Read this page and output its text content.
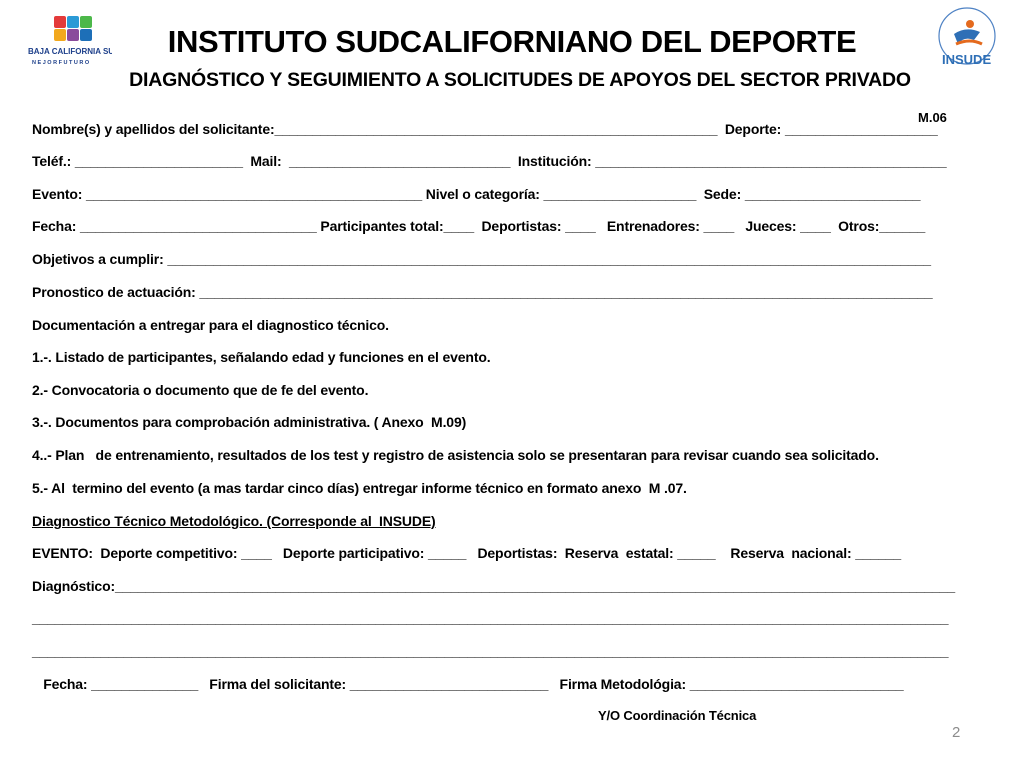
BAJA CALIFORNIA SUR
N E J O R F U T U R O	INSUDE
INSTITUTO SUDCALIFORNIANO DEL DEPORTE
DIAGNÓSTICO Y SEGUIMIENTO A SOLICITUDES DE APOYOS DEL SECTOR PRIVADO
M.06
Nombre(s) y apellidos del solicitante:__________________________________________________________  Deporte: ____________________
Teléf.: ______________________  Mail:  _____________________________  Institución: ______________________________________________
Evento: ____________________________________________ Nivel o categoría: ____________________  Sede: _______________________
Fecha: _______________________________ Participantes total:____  Deportistas: ____   Entrenadores: ____   Jueces: ____  Otros:______
Objetivos a cumplir: ____________________________________________________________________________________________________
Pronostico de actuación: ________________________________________________________________________________________________
Documentación a entregar para el diagnostico técnico.
1.-. Listado de participantes, señalando edad y funciones en el evento.
2.- Convocatoria o documento que de fe del evento.
3.-. Documentos para comprobación administrativa. ( Anexo  M.09)
4..- Plan   de entrenamiento, resultados de los test y registro de asistencia solo se presentaran para revisar cuando sea solicitado.
5.- Al  termino del evento (a mas tardar cinco días) entregar informe técnico en formato anexo  M .07.
Diagnostico Técnico Metodológico. (Corresponde al  INSUDE)
EVENTO:  Deporte competitivo: ____   Deporte participativo: _____   Deportistas:  Reserva  estatal: _____    Reserva  nacional: ______
Diagnóstico:______________________________________________________________________________________________________________
________________________________________________________________________________________________________________________
________________________________________________________________________________________________________________________
Fecha: ______________   Firma del solicitante: __________________________   Firma Metodológia: ____________________________
Y/O Coordinación Técnica
2
